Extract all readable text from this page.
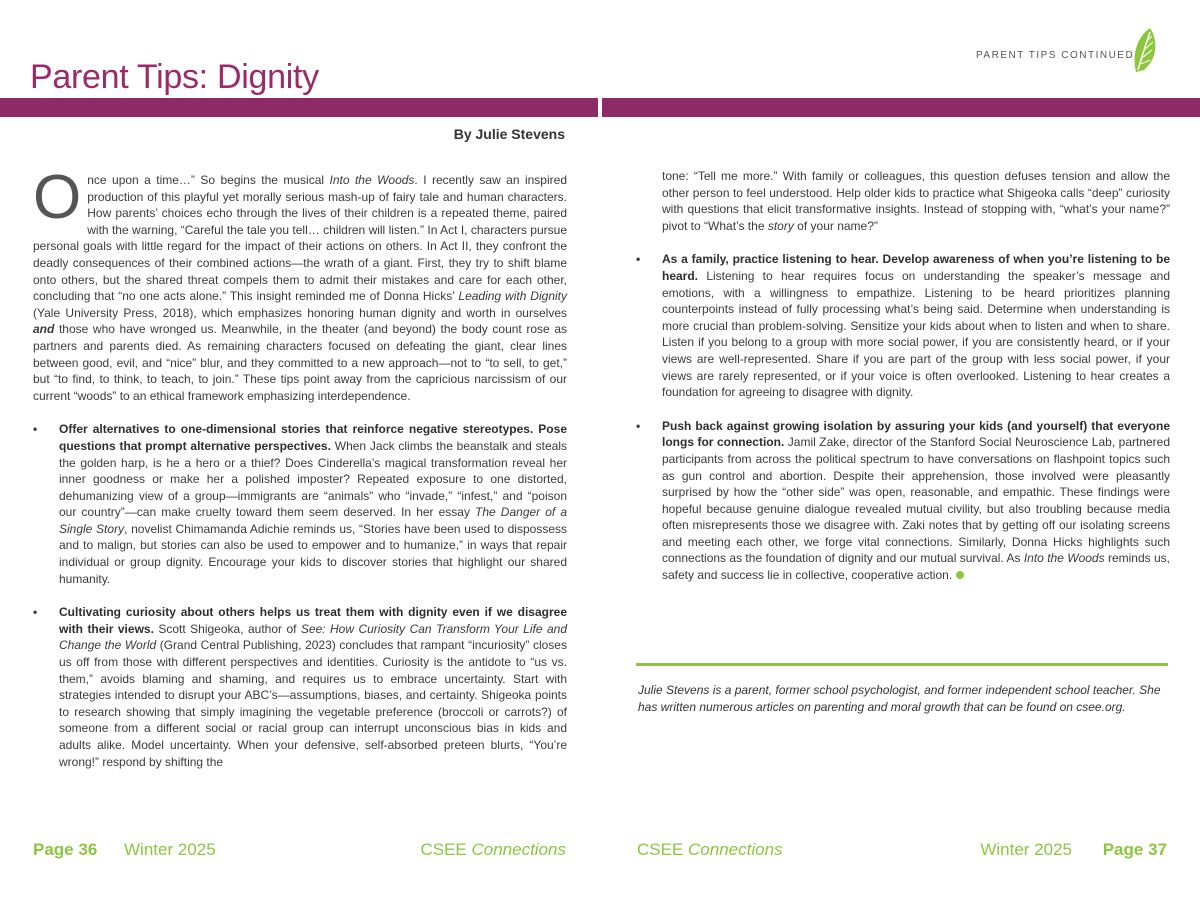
Parent Tips: Dignity
PARENT TIPS CONTINUED
By Julie Stevens

Once upon a time…” So begins the musical Into the Woods. I recently saw an inspired production of this playful yet morally serious mash-up of fairy tale and human characters. How parents’ choices echo through the lives of their children is a repeated theme, paired with the warning, “Careful the tale you tell… children will listen.” In Act I, characters pursue personal goals with little regard for the impact of their actions on others. In Act II, they confront the deadly consequences of their combined actions—the wrath of a giant. First, they try to shift blame onto others, but the shared threat compels them to admit their mistakes and care for each other, concluding that “no one acts alone.” This insight reminded me of Donna Hicks’ Leading with Dignity (Yale University Press, 2018), which emphasizes honoring human dignity and worth in ourselves and those who have wronged us. Meanwhile, in the theater (and beyond) the body count rose as partners and parents died. As remaining characters focused on defeating the giant, clear lines between good, evil, and “nice” blur, and they committed to a new approach—not to “to sell, to get,” but “to find, to think, to teach, to join.” These tips point away from the capricious narcissism of our current “woods” to an ethical framework emphasizing interdependence.

• Offer alternatives to one-dimensional stories that reinforce negative stereotypes. Pose questions that prompt alternative perspectives. When Jack climbs the beanstalk and steals the golden harp, is he a hero or a thief? Does Cinderella’s magical transformation reveal her inner goodness or make her a polished imposter? Repeated exposure to one distorted, dehumanizing view of a group—immigrants are “animals” who “invade,” “infest,” and “poison our country”—can make cruelty toward them seem deserved. In her essay The Danger of a Single Story, novelist Chimamanda Adichie reminds us, “Stories have been used to dispossess and to malign, but stories can also be used to empower and to humanize,” in ways that repair individual or group dignity. Encourage your kids to discover stories that highlight our shared humanity.
• Cultivating curiosity about others helps us treat them with dignity even if we disagree with their views. Scott Shigeoka, author of See: How Curiosity Can Transform Your Life and Change the World (Grand Central Publishing, 2023) concludes that rampant “incuriosity” closes us off from those with different perspectives and identities. Curiosity is the antidote to “us vs. them,” avoids blaming and shaming, and requires us to embrace uncertainty. Start with strategies intended to disrupt your ABC’s—assumptions, biases, and certainty. Shigeoka points to research showing that simply imagining the vegetable preference (broccoli or carrots?) of someone from a different social or racial group can interrupt unconscious bias in kids and adults alike. Model uncertainty. When your defensive, self-absorbed preteen blurts, “You’re wrong!” respond by shifting the
tone: “Tell me more.” With family or colleagues, this question defuses tension and allow the other person to feel understood. Help older kids to practice what Shigeoka calls “deep” curiosity with questions that elicit transformative insights. Instead of stopping with, “what’s your name?” pivot to “What’s the story of your name?”
• As a family, practice listening to hear. Develop awareness of when you’re listening to be heard. Listening to hear requires focus on understanding the speaker’s message and emotions, with a willingness to empathize. Listening to be heard prioritizes planning counterpoints instead of fully processing what’s being said. Determine when understanding is more crucial than problem-solving. Sensitize your kids about when to listen and when to share. Listen if you belong to a group with more social power, if you are consistently heard, or if your views are well-represented. Share if you are part of the group with less social power, if your views are rarely represented, or if your voice is often overlooked. Listening to hear creates a foundation for agreeing to disagree with dignity.
• Push back against growing isolation by assuring your kids (and yourself) that everyone longs for connection. Jamil Zake, director of the Stanford Social Neuroscience Lab, partnered participants from across the political spectrum to have conversations on flashpoint topics such as gun control and abortion. Despite their apprehension, those involved were pleasantly surprised by how the “other side” was open, reasonable, and empathic. These findings were hopeful because genuine dialogue revealed mutual civility, but also troubling because media often misrepresents those we disagree with. Zaki notes that by getting off our isolating screens and meeting each other, we forge vital connections. Similarly, Donna Hicks highlights such connections as the foundation of dignity and our mutual survival. As Into the Woods reminds us, safety and success lie in collective, cooperative action.
Julie Stevens is a parent, former school psychologist, and former independent school teacher. She has written numerous articles on parenting and moral growth that can be found on csee.org.
Page 36 Winter 2025	CSEE Connections	CSEE Connections	Winter 2025 Page 37
